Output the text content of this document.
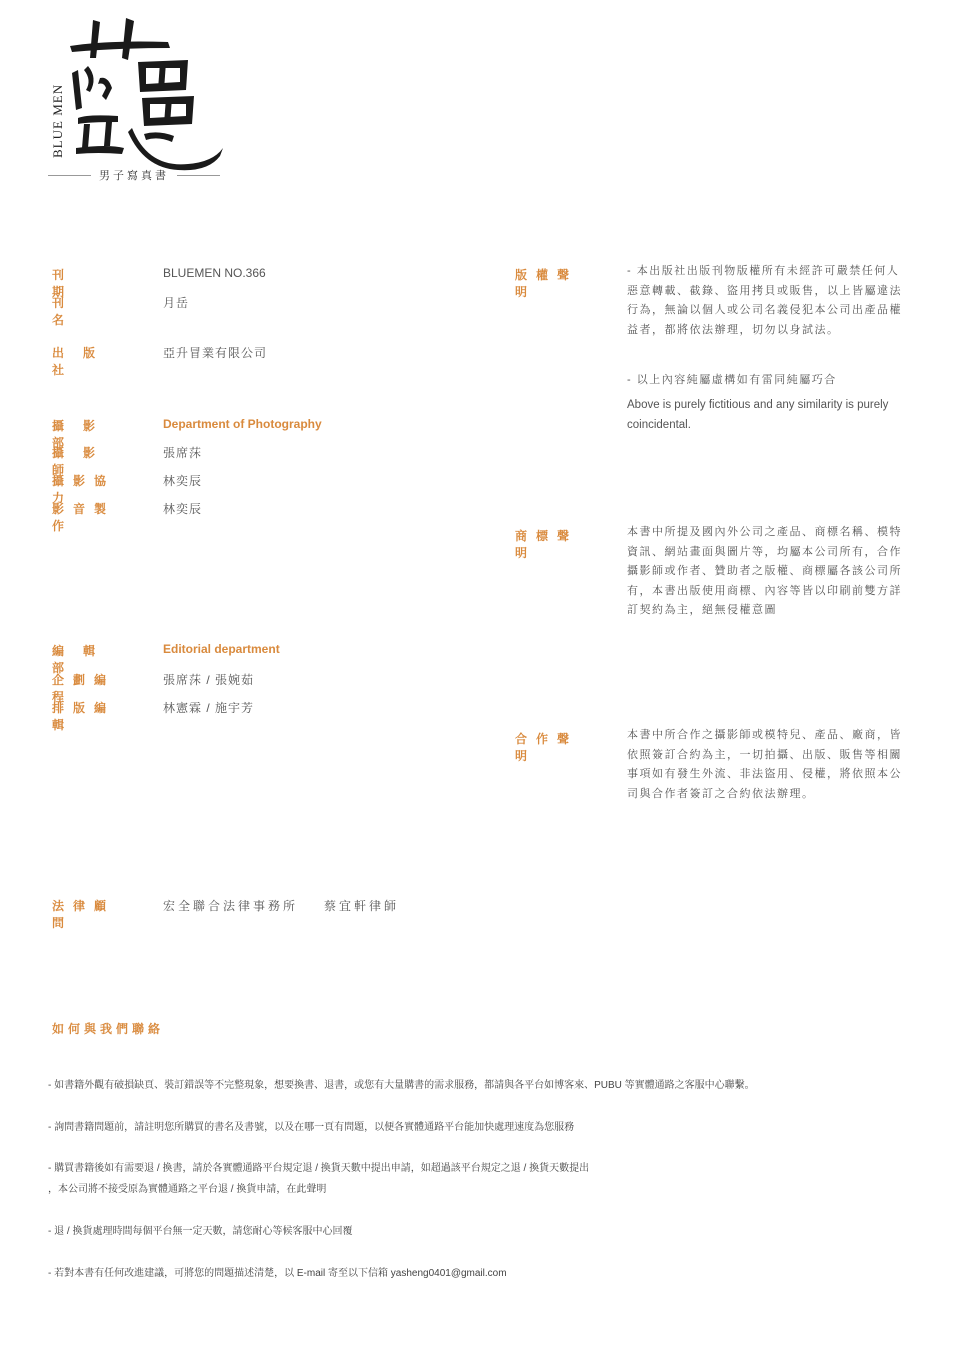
BLUE MEN
男子寫真書
刊期
BLUEMEN NO.366
刊名
月岳
出版社
亞升冒業有限公司
攝影部
Department of Photography
攝影師
張席莯
攝影協力
林奕辰
影音製作
林奕辰
編輯部
Editorial department
企劃編程
張席莯 / 張婉茹
排版編輯
林憲霖 / 施宇芳
法律顧問
宏全聯合法律事務所 蔡宜軒律師
版權聲明
- 本出版社出版刊物版權所有未經許可嚴禁任何人惡意轉載、截錄、盜用拷貝或販售，以上皆屬違法行為，無論以個人或公司名義侵犯本公司出產品權益者，都將依法辦理，切勿以身試法。
- 以上內容純屬虛構如有雷同純屬巧合
Above is purely fictitious and any similarity is purely coincidental.
商標聲明
本書中所提及國內外公司之產品、商標名稱、模特資訊、網站畫面與圖片等，均屬本公司所有，合作攝影師或作者、贊助者之版權、商標屬各該公司所有，本書出版使用商標、內容等皆以印刷前雙方詳訂契約為主，絕無侵權意圖
合作聲明
本書中所合作之攝影師或模特兒、產品、廠商，皆依照簽訂合約為主，一切拍攝、出版、販售等相關事項如有發生外流、非法盜用、侵權，將依照本公司與合作者簽訂之合約依法辦理。
如何與我們聯絡
- 如書籍外觀有破損缺頁、裝訂錯誤等不完整現象，想要換書、退書，或您有大量購書的需求服務，都請與各平台如博客來、PUBU 等實體通路之客服中心聯繫。
- 詢問書籍問題前，請註明您所購買的書名及書號，以及在哪一頁有問題，以便各實體通路平台能加快處理速度為您服務
- 購買書籍後如有需要退 / 換書，請於各實體通路平台規定退 / 換貨天數中提出申請，如超過該平台規定之退 / 換貨天數提出
，本公司將不接受原為實體通路之平台退 / 換貨申請，在此聲明
- 退 / 換貨處理時間每個平台無一定天數，請您耐心等候客服中心回覆
- 若對本書有任何改進建議，可將您的問題描述清楚，以 E-mail 寄至以下信箱 yasheng0401@gmail.com
